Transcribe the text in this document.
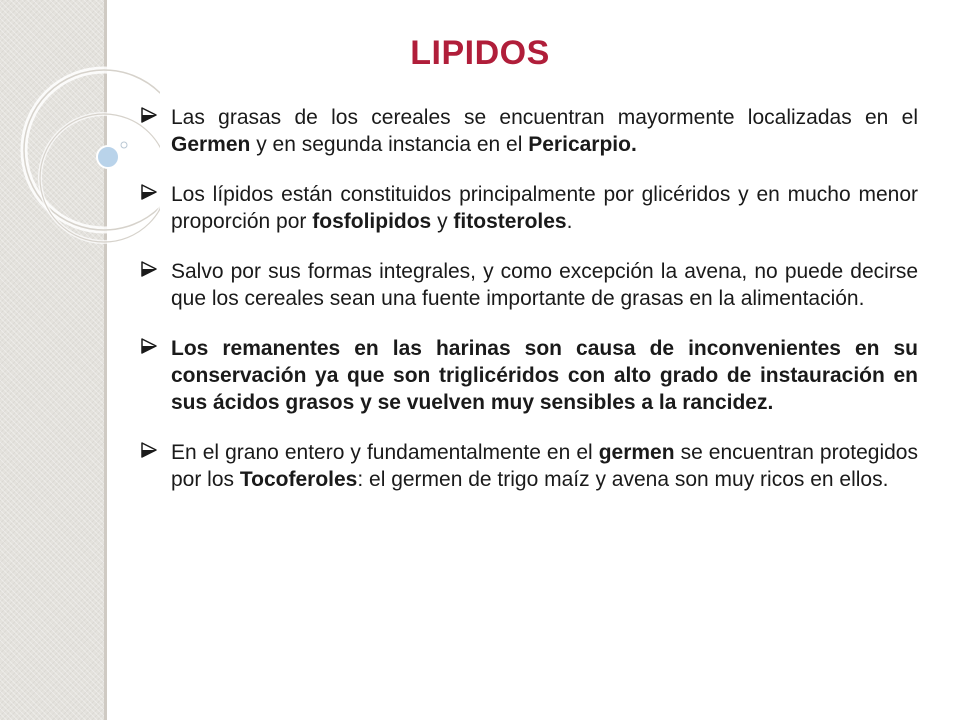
LIPIDOS
Las grasas de los cereales se encuentran mayormente localizadas en el Germen y en segunda instancia en el Pericarpio.
Los lípidos están constituidos principalmente por glicéridos y en mucho menor proporción por fosfolipidos y fitosteroles.
Salvo por sus formas integrales, y como excepción la avena, no puede decirse que los cereales sean una fuente importante de grasas en la alimentación.
Los remanentes en las harinas son causa de inconvenientes en su conservación ya que son triglicéridos con alto grado de instauración en sus ácidos grasos y se vuelven muy sensibles a la rancidez.
En el grano entero y fundamentalmente en el germen se encuentran protegidos por los Tocoferoles: el germen de trigo maíz y avena son muy ricos en ellos.
